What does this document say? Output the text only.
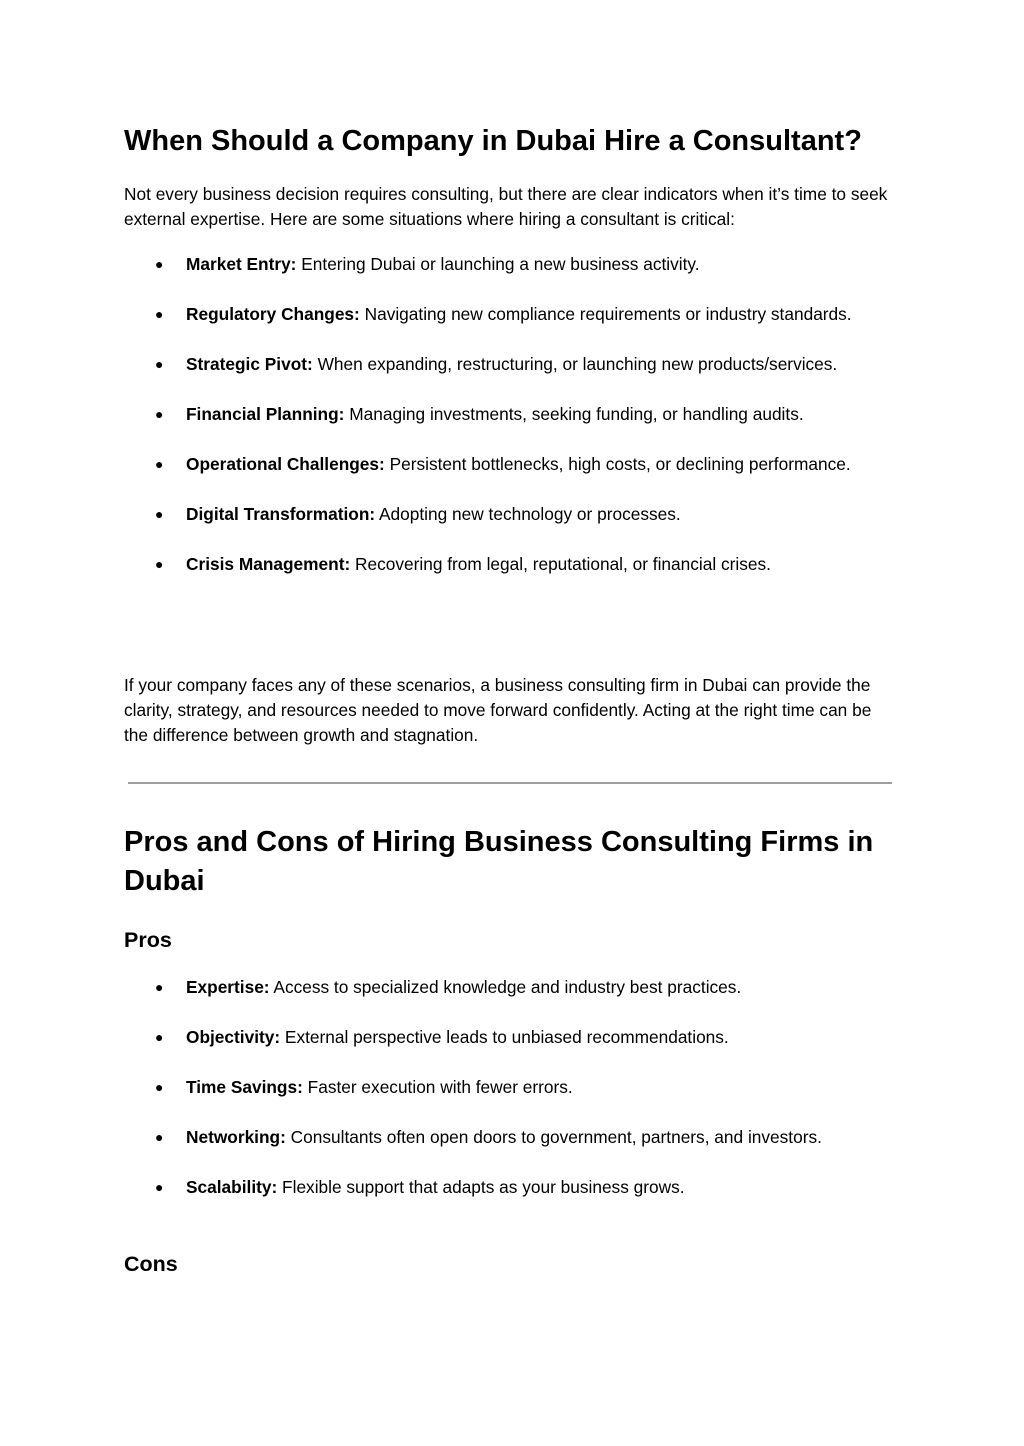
When Should a Company in Dubai Hire a Consultant?

Not every business decision requires consulting, but there are clear indicators when it’s time to seek external expertise. Here are some situations where hiring a consultant is critical:

● Market Entry: Entering Dubai or launching a new business activity.
● Regulatory Changes: Navigating new compliance requirements or industry standards.
● Strategic Pivot: When expanding, restructuring, or launching new products/services.
● Financial Planning: Managing investments, seeking funding, or handling audits.
● Operational Challenges: Persistent bottlenecks, high costs, or declining performance.
● Digital Transformation: Adopting new technology or processes.
● Crisis Management: Recovering from legal, reputational, or financial crises.

If your company faces any of these scenarios, a business consulting firm in Dubai can provide the clarity, strategy, and resources needed to move forward confidently. Acting at the right time can be the difference between growth and stagnation.

Pros and Cons of Hiring Business Consulting Firms in Dubai
Pros
● Expertise: Access to specialized knowledge and industry best practices.
● Objectivity: External perspective leads to unbiased recommendations.
● Time Savings: Faster execution with fewer errors.
● Networking: Consultants often open doors to government, partners, and investors.
● Scalability: Flexible support that adapts as your business grows.
Cons
